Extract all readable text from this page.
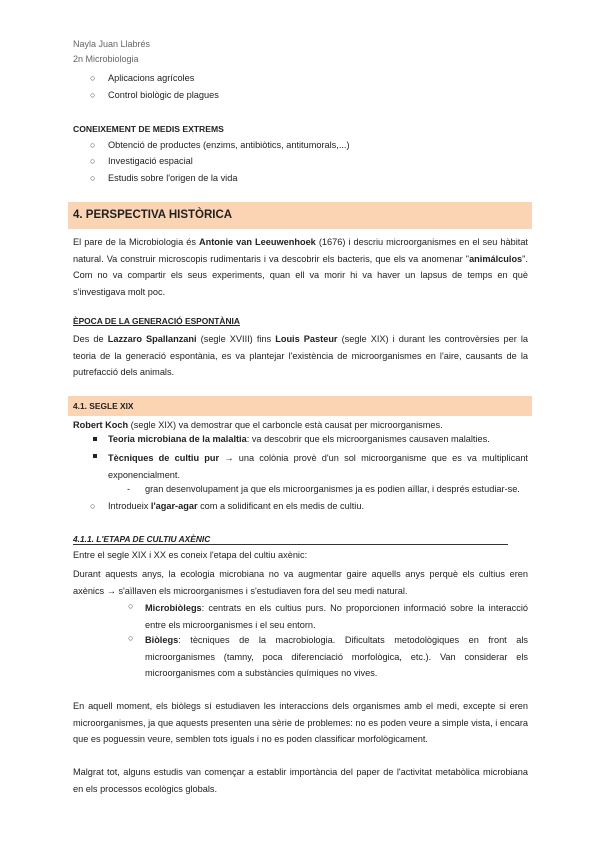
Nayla Juan Llabrés
2n Microbiologia
○ Aplicacions agrícoles
○ Control biològic de plagues
CONEIXEMENT DE MEDIS EXTREMS
○ Obtenció de productes (enzims, antibiòtics, antitumorals,...)
○ Investigació espacial
○ Estudis sobre l'origen de la vida
4. PERSPECTIVA HISTÒRICA
El pare de la Microbiologia és Antonie van Leeuwenhoek (1676) i descriu microorganismes en el seu hàbitat natural. Va construir microscopis rudimentaris i va descobrir els bacteris, que els va anomenar "animálculos". Com no va compartir els seus experiments, quan ell va morir hi va haver un lapsus de temps en què s'investigava molt poc.
ÈPOCA DE LA GENERACIÓ ESPONTÀNIA
Des de Lazzaro Spallanzani (segle XVIII) fins Louis Pasteur (segle XIX) i durant les controvèrsies per la teoria de la generació espontània, es va plantejar l'existència de microorganismes en l'aire, causants de la putrefacció dels animals.
4.1. SEGLE XIX
Robert Koch (segle XIX) va demostrar que el carboncle està causat per microorganismes.
Teoria microbiana de la malaltia: va descobrir que els microorganismes causaven malalties.
Tècniques de cultiu pur → una colònia provè d'un sol microorganisme que es va multiplicant exponencialment.
- gran desenvolupament ja que els microorganismes ja es podien aïllar, i després estudiar-se.
○ Introdueix l'agar-agar com a solidificant en els medis de cultiu.
4.1.1. L'ETAPA DE CULTIU AXÈNIC
Entre el segle XIX i XX es coneix l'etapa del cultiu axènic:
Durant aquests anys, la ecologia microbiana no va augmentar gaire aquells anys perquè els cultius eren axènics → s'aïllaven els microorganismes i s'estudiaven fora del seu medi natural.
○ Microbiòlegs: centrats en els cultius purs. No proporcionen informació sobre la interacció entre els microorganismes i el seu entorn.
○ Biòlegs: tècniques de la macrobiologia. Dificultats metodològiques en front als microorganismes (tamny, poca diferenciació morfològica, etc.). Van considerar els microorganismes com a substàncies químiques no vives.
En aquell moment, els biòlegs sí estudiaven les interaccions dels organismes amb el medi, excepte si eren microorganismes, ja que aquests presenten una sèrie de problemes: no es poden veure a simple vista, i encara que es poguessin veure, semblen tots iguals i no es poden classificar morfològicament.
Malgrat tot, alguns estudis van començar a establir importància del paper de l'activitat metabòlica microbiana en els processos ecològics globals.
